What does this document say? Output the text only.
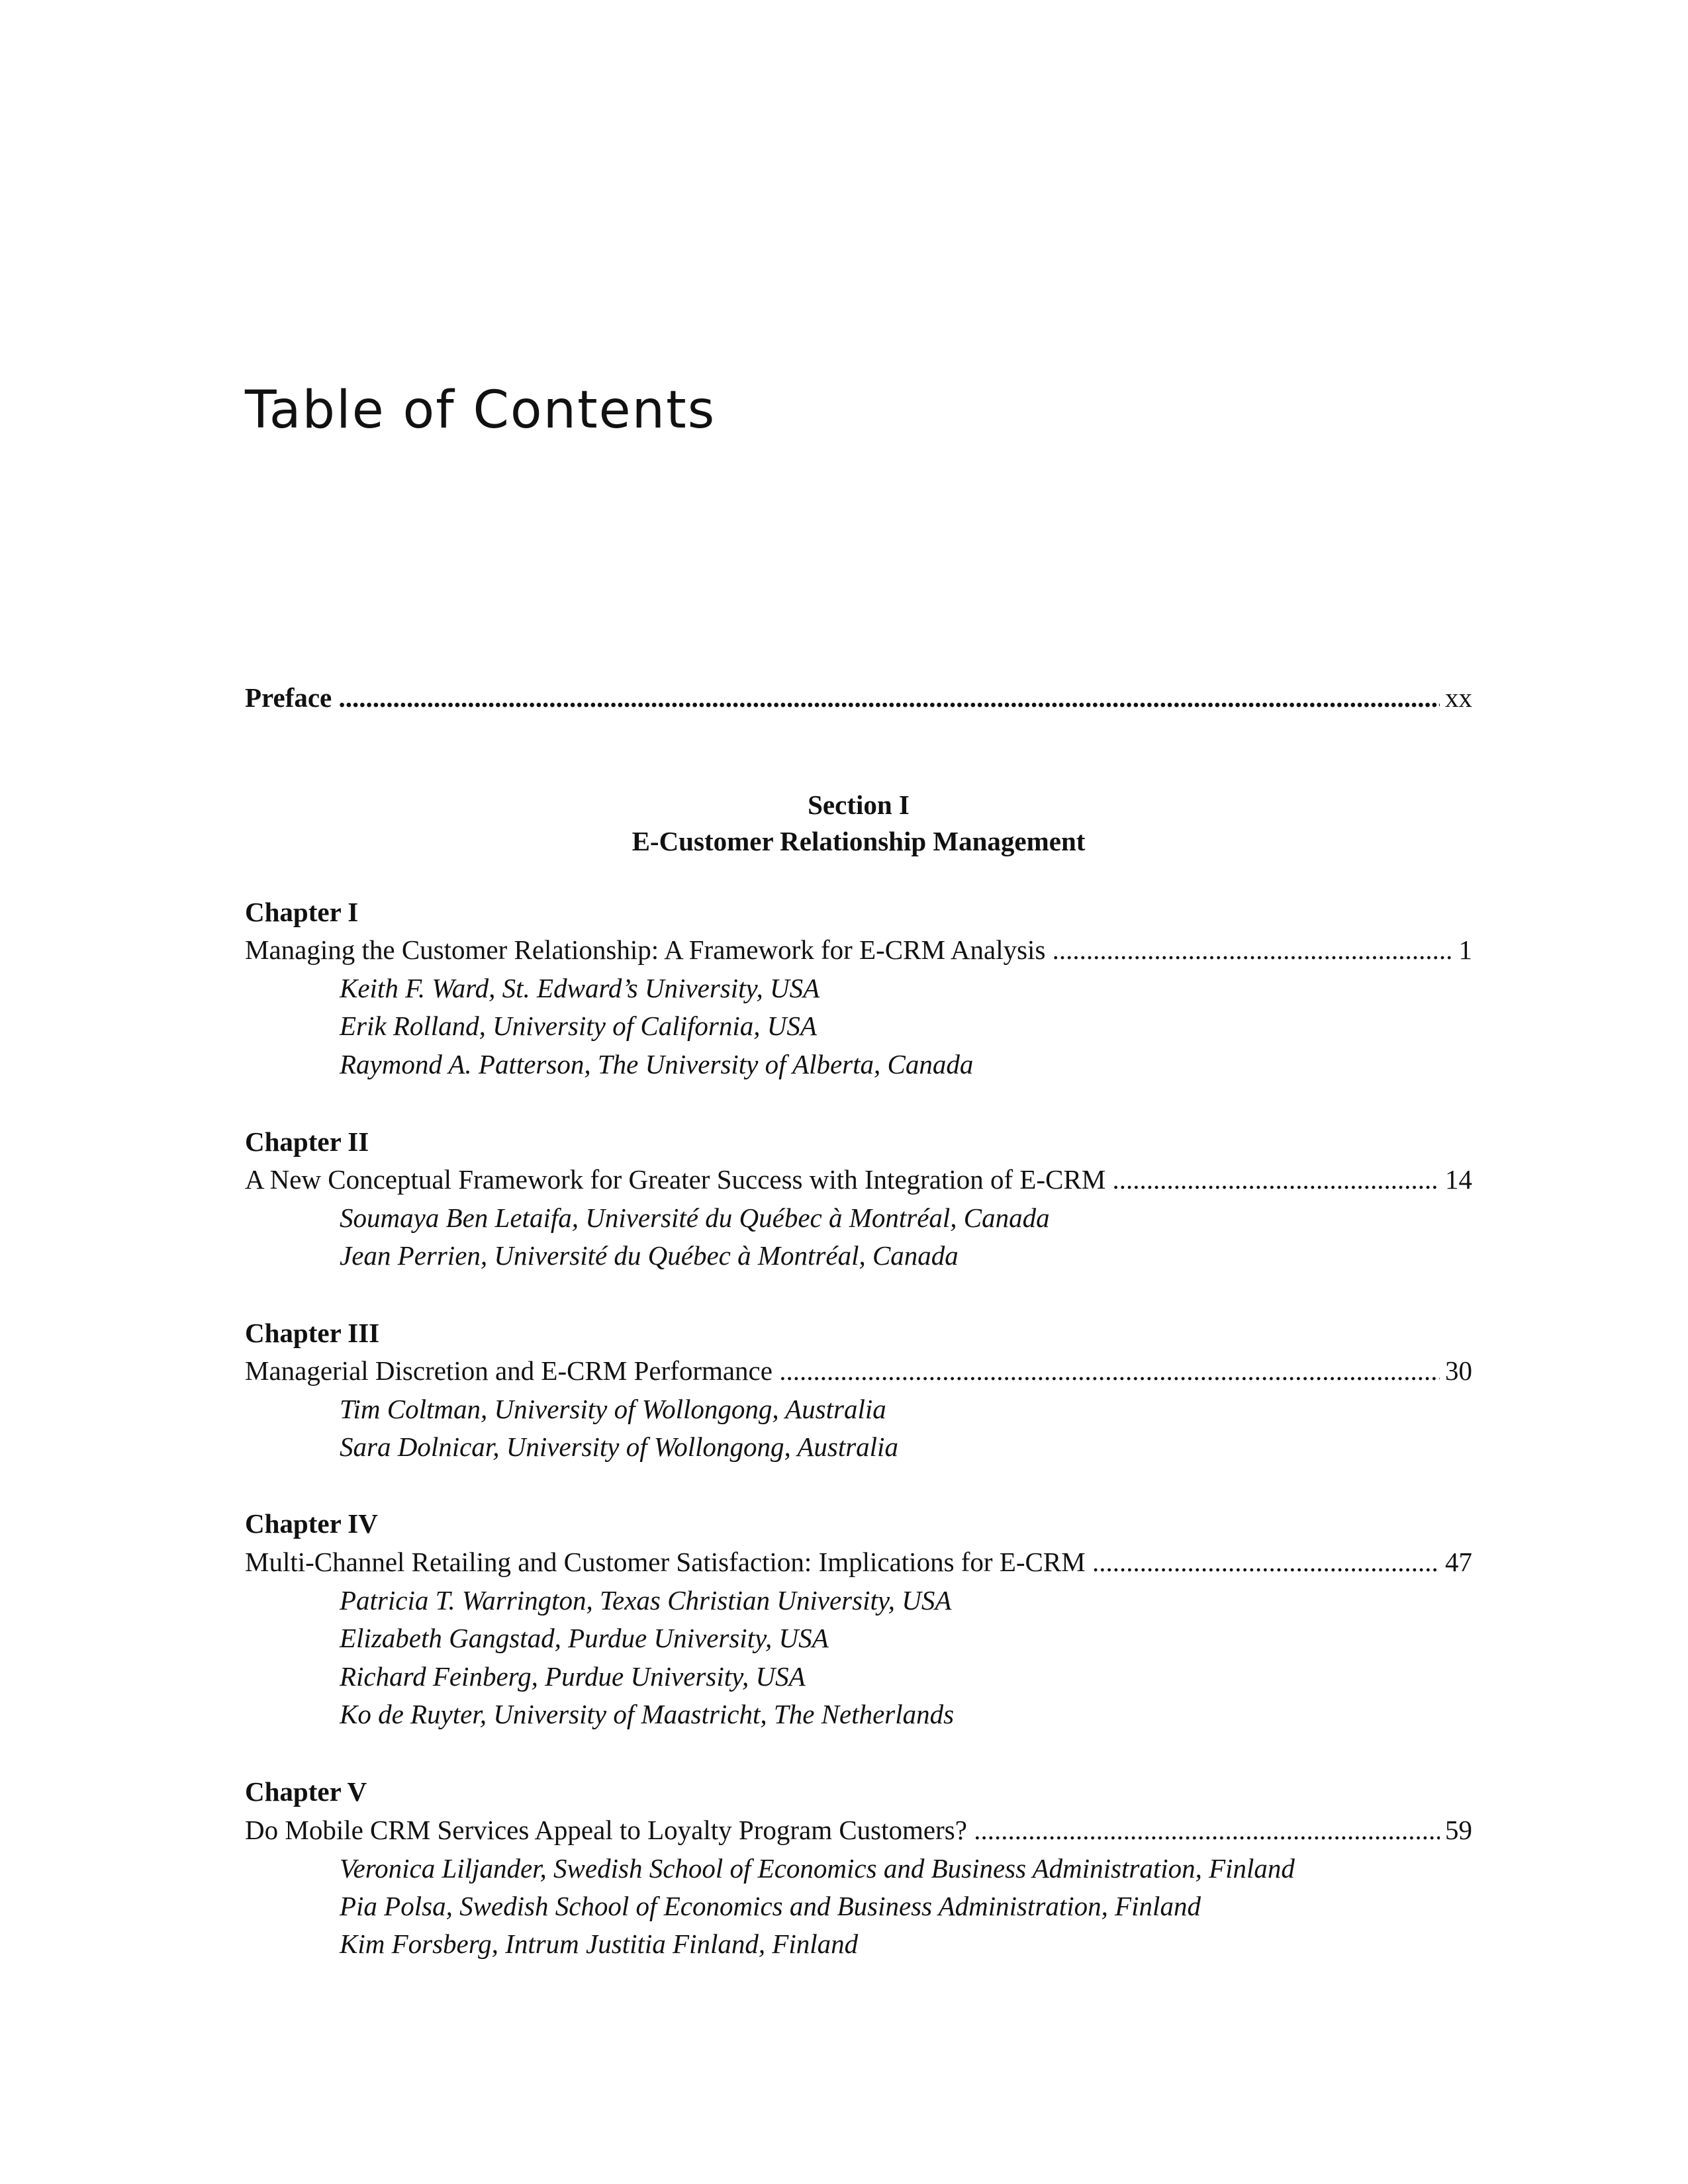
Table of Contents
Preface .....	xx
Section I
E-Customer Relationship Management
Chapter I
Managing the Customer Relationship: A Framework for E-CRM Analysis .....	1
Keith F. Ward, St. Edward’s University, USA
Erik Rolland, University of California, USA
Raymond A. Patterson, The University of Alberta, Canada
Chapter II
A New Conceptual Framework for Greater Success with Integration of E-CRM .....	14
Soumaya Ben Letaifa, Université du Québec à Montréal, Canada
Jean Perrien, Université du Québec à Montréal, Canada
Chapter III
Managerial Discretion and E-CRM Performance .....	30
Tim Coltman, University of Wollongong, Australia
Sara Dolnicar, University of Wollongong, Australia
Chapter IV
Multi-Channel Retailing and Customer Satisfaction: Implications for E-CRM .....	47
Patricia T. Warrington, Texas Christian University, USA
Elizabeth Gangstad, Purdue University, USA
Richard Feinberg, Purdue University, USA
Ko de Ruyter, University of Maastricht, The Netherlands
Chapter V
Do Mobile CRM Services Appeal to Loyalty Program Customers? .....	59
Veronica Liljander, Swedish School of Economics and Business Administration, Finland
Pia Polsa, Swedish School of Economics and Business Administration, Finland
Kim Forsberg, Intrum Justitia Finland, Finland
